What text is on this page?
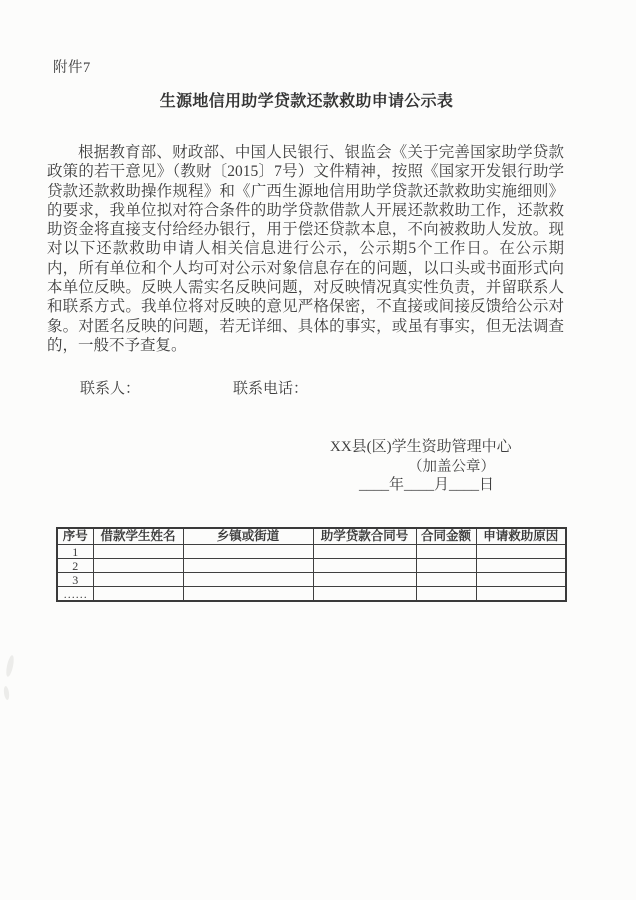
附件7
生源地信用助学贷款还款救助申请公示表
根据教育部、财政部、中国人民银行、银监会《关于完善国家助学贷款政策的若干意见》（教财〔2015〕7号）文件精神，按照《国家开发银行助学贷款还款救助操作规程》和《广西生源地信用助学贷款还款救助实施细则》的要求，我单位拟对符合条件的助学贷款借款人开展还款救助工作，还款救助资金将直接支付给经办银行，用于偿还贷款本息，不向被救助人发放。现对以下还款救助申请人相关信息进行公示，公示期5个工作日。在公示期内，所有单位和个人均可对公示对象信息存在的问题，以口头或书面形式向本单位反映。反映人需实名反映问题，对反映情况真实性负责，并留联系人和联系方式。我单位将对反映的意见严格保密，不直接或间接反馈给公示对象。对匿名反映的问题，若无详细、具体的事实，或虽有事实，但无法调查的，一般不予查复。
联系人：	联系电话：
XX县(区)学生资助管理中心
（加盖公章）
____年____月____日
序号	借款学生姓名	乡镇或街道	助学贷款合同号	合同金额	申请救助原因
1					
2					
3					
……					
